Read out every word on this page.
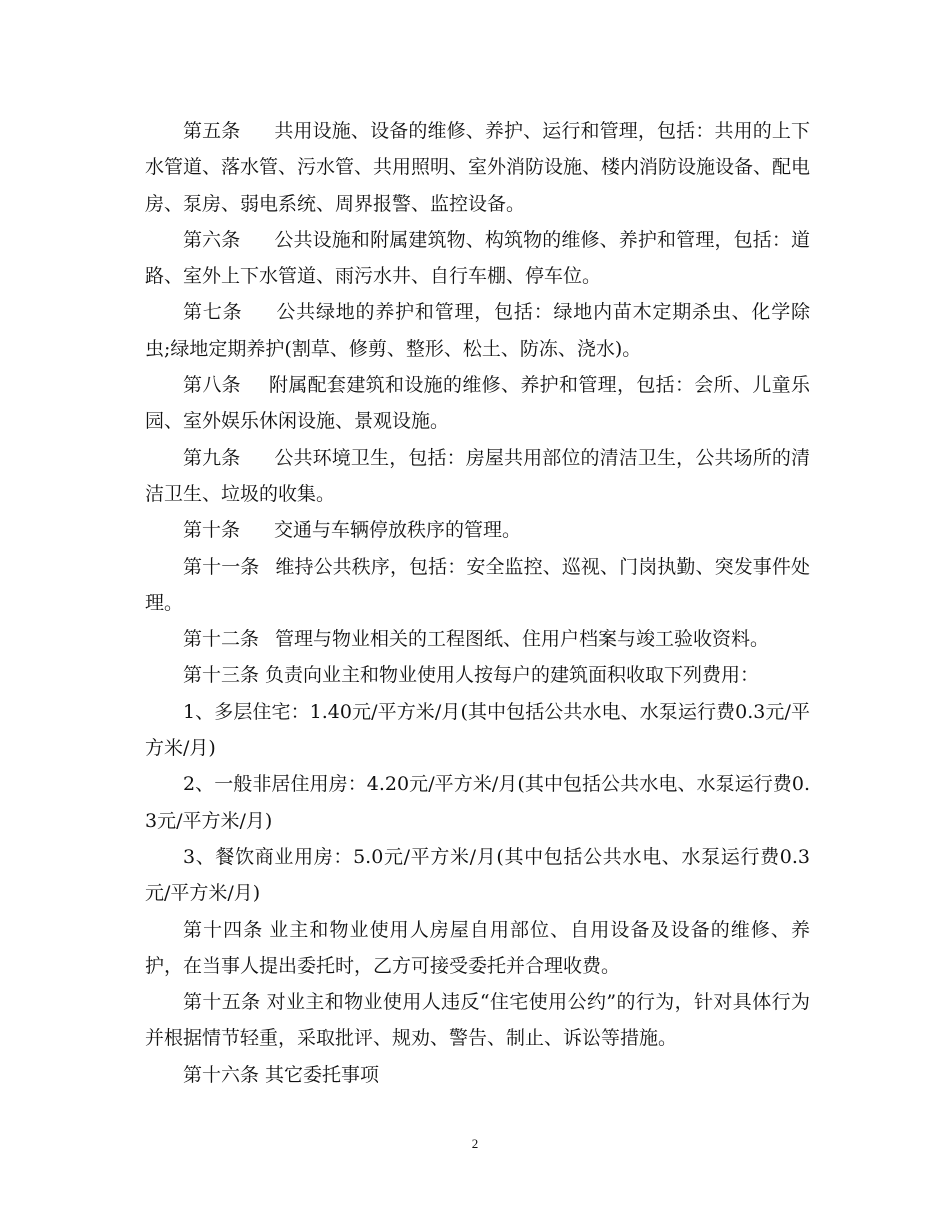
第五条 共用设施、设备的维修、养护、运行和管理，包括：共用的上下水管道、落水管、污水管、共用照明、室外消防设施、楼内消防设施设备、配电房、泵房、弱电系统、周界报警、监控设备。

第六条 公共设施和附属建筑物、构筑物的维修、养护和管理，包括：道路、室外上下水管道、雨污水井、自行车棚、停车位。

第七条 公共绿地的养护和管理，包括：绿地内苗木定期杀虫、化学除虫;绿地定期养护(割草、修剪、整形、松土、防冻、浇水)。

第八条 附属配套建筑和设施的维修、养护和管理，包括：会所、儿童乐园、室外娱乐休闲设施、景观设施。

第九条 公共环境卫生，包括：房屋共用部位的清洁卫生，公共场所的清洁卫生、垃圾的收集。

第十条 交通与车辆停放秩序的管理。

第十一条 维持公共秩序，包括：安全监控、巡视、门岗执勤、突发事件处理。

第十二条 管理与物业相关的工程图纸、住用户档案与竣工验收资料。

第十三条 负责向业主和物业使用人按每户的建筑面积收取下列费用：

1、多层住宅：1.40元/平方米/月(其中包括公共水电、水泵运行费0.3元/平方米/月)

2、一般非居住用房：4.20元/平方米/月(其中包括公共水电、水泵运行费0.3元/平方米/月)

3、餐饮商业用房：5.0元/平方米/月(其中包括公共水电、水泵运行费0.3元/平方米/月)

第十四条 业主和物业使用人房屋自用部位、自用设备及设备的维修、养护，在当事人提出委托时，乙方可接受委托并合理收费。

第十五条 对业主和物业使用人违反“住宅使用公约”的行为，针对具体行为并根据情节轻重，采取批评、规劝、警告、制止、诉讼等措施。

第十六条 其它委托事项

2
